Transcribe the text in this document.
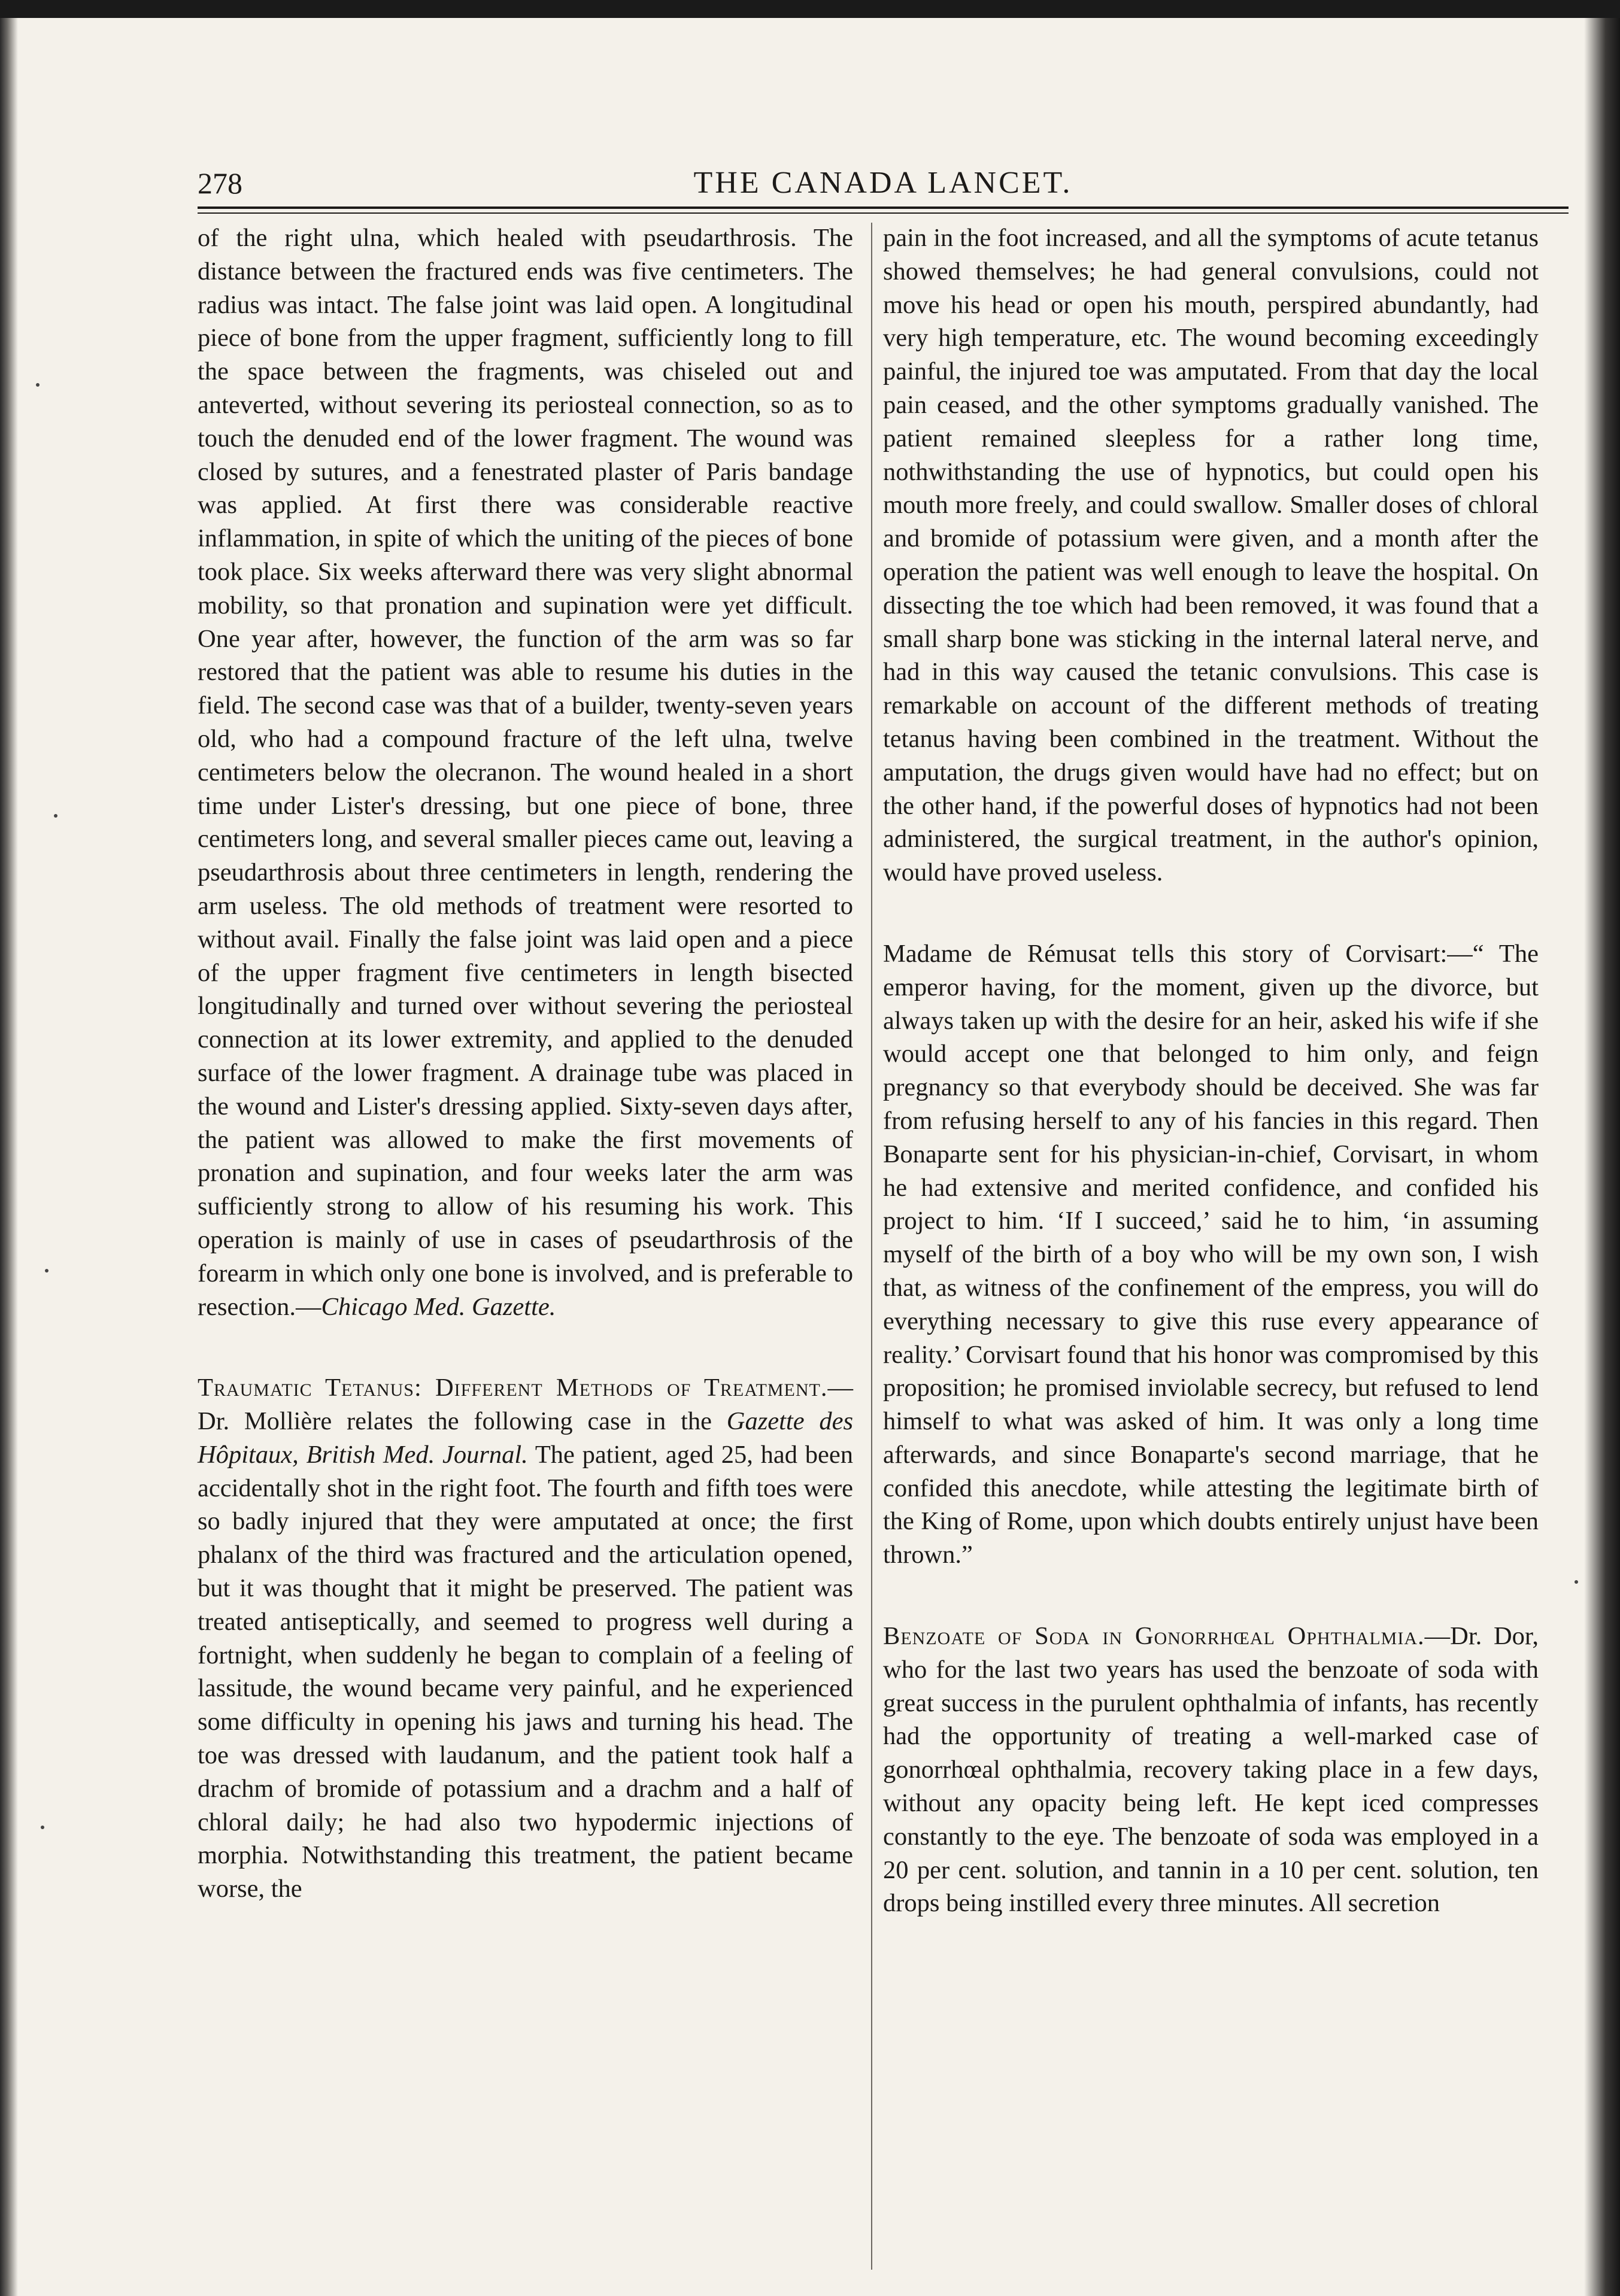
278	THE CANADA LANCET.

of the right ulna, which healed with pseudarthrosis. The distance between the fractured ends was five centimeters. The radius was intact. The false joint was laid open. A longitudinal piece of bone from the upper fragment, sufficiently long to fill the space between the fragments, was chiseled out and anteverted, without severing its periosteal connection, so as to touch the denuded end of the lower fragment. The wound was closed by sutures, and a fenestrated plaster of Paris bandage was applied. At first there was considerable reactive inflammation, in spite of which the uniting of the pieces of bone took place. Six weeks afterward there was very slight abnormal mobility, so that pronation and supination were yet difficult. One year after, however, the function of the arm was so far restored that the patient was able to resume his duties in the field. The second case was that of a builder, twenty-seven years old, who had a compound fracture of the left ulna, twelve centimeters below the olecranon. The wound healed in a short time under Lister's dressing, but one piece of bone, three centimeters long, and several smaller pieces came out, leaving a pseudarthrosis about three centimeters in length, rendering the arm useless. The old methods of treatment were resorted to without avail. Finally the false joint was laid open and a piece of the upper fragment five centimeters in length bisected longitudinally and turned over without severing the periosteal connection at its lower extremity, and applied to the denuded surface of the lower fragment. A drainage tube was placed in the wound and Lister's dressing applied. Sixty-seven days after, the patient was allowed to make the first movements of pronation and supination, and four weeks later the arm was sufficiently strong to allow of his resuming his work. This operation is mainly of use in cases of pseudarthrosis of the forearm in which only one bone is involved, and is preferable to resection.—Chicago Med. Gazette.

Traumatic Tetanus: Different Methods of Treatment.—Dr. Mollière relates the following case in the Gazette des Hôpitaux, British Med. Journal. The patient, aged 25, had been accidentally shot in the right foot. The fourth and fifth toes were so badly injured that they were amputated at once; the first phalanx of the third was fractured and the articulation opened, but it was thought that it might be preserved. The patient was treated antiseptically, and seemed to progress well during a fortnight, when suddenly he began to complain of a feeling of lassitude, the wound became very painful, and he experienced some difficulty in opening his jaws and turning his head. The toe was dressed with laudanum, and the patient took half a drachm of bromide of potassium and a drachm and a half of chloral daily; he had also two hypodermic injections of morphia. Notwithstanding this treatment, the patient became worse, the

pain in the foot increased, and all the symptoms of acute tetanus showed themselves; he had general convulsions, could not move his head or open his mouth, perspired abundantly, had very high temperature, etc. The wound becoming exceedingly painful, the injured toe was amputated. From that day the local pain ceased, and the other symptoms gradually vanished. The patient remained sleepless for a rather long time, nothwithstanding the use of hypnotics, but could open his mouth more freely, and could swallow. Smaller doses of chloral and bromide of potassium were given, and a month after the operation the patient was well enough to leave the hospital. On dissecting the toe which had been removed, it was found that a small sharp bone was sticking in the internal lateral nerve, and had in this way caused the tetanic convulsions. This case is remarkable on account of the different methods of treating tetanus having been combined in the treatment. Without the amputation, the drugs given would have had no effect; but on the other hand, if the powerful doses of hypnotics had not been administered, the surgical treatment, in the author's opinion, would have proved useless.

Madame de Rémusat tells this story of Corvisart:—“ The emperor having, for the moment, given up the divorce, but always taken up with the desire for an heir, asked his wife if she would accept one that belonged to him only, and feign pregnancy so that everybody should be deceived. She was far from refusing herself to any of his fancies in this regard. Then Bonaparte sent for his physician-in-chief, Corvisart, in whom he had extensive and merited confidence, and confided his project to him. ‘If I succeed,’ said he to him, ‘in assuming myself of the birth of a boy who will be my own son, I wish that, as witness of the confinement of the empress, you will do everything necessary to give this ruse every appearance of reality.’ Corvisart found that his honor was compromised by this proposition; he promised inviolable secrecy, but refused to lend himself to what was asked of him. It was only a long time afterwards, and since Bonaparte's second marriage, that he confided this anecdote, while attesting the legitimate birth of the King of Rome, upon which doubts entirely unjust have been thrown.”

Benzoate of Soda in Gonorrhœal Ophthalmia.—Dr. Dor, who for the last two years has used the benzoate of soda with great success in the purulent ophthalmia of infants, has recently had the opportunity of treating a well-marked case of gonorrhœal ophthalmia, recovery taking place in a few days, without any opacity being left. He kept iced compresses constantly to the eye. The benzoate of soda was employed in a 20 per cent. solution, and tannin in a 10 per cent. solution, ten drops being instilled every three minutes. All secretion
